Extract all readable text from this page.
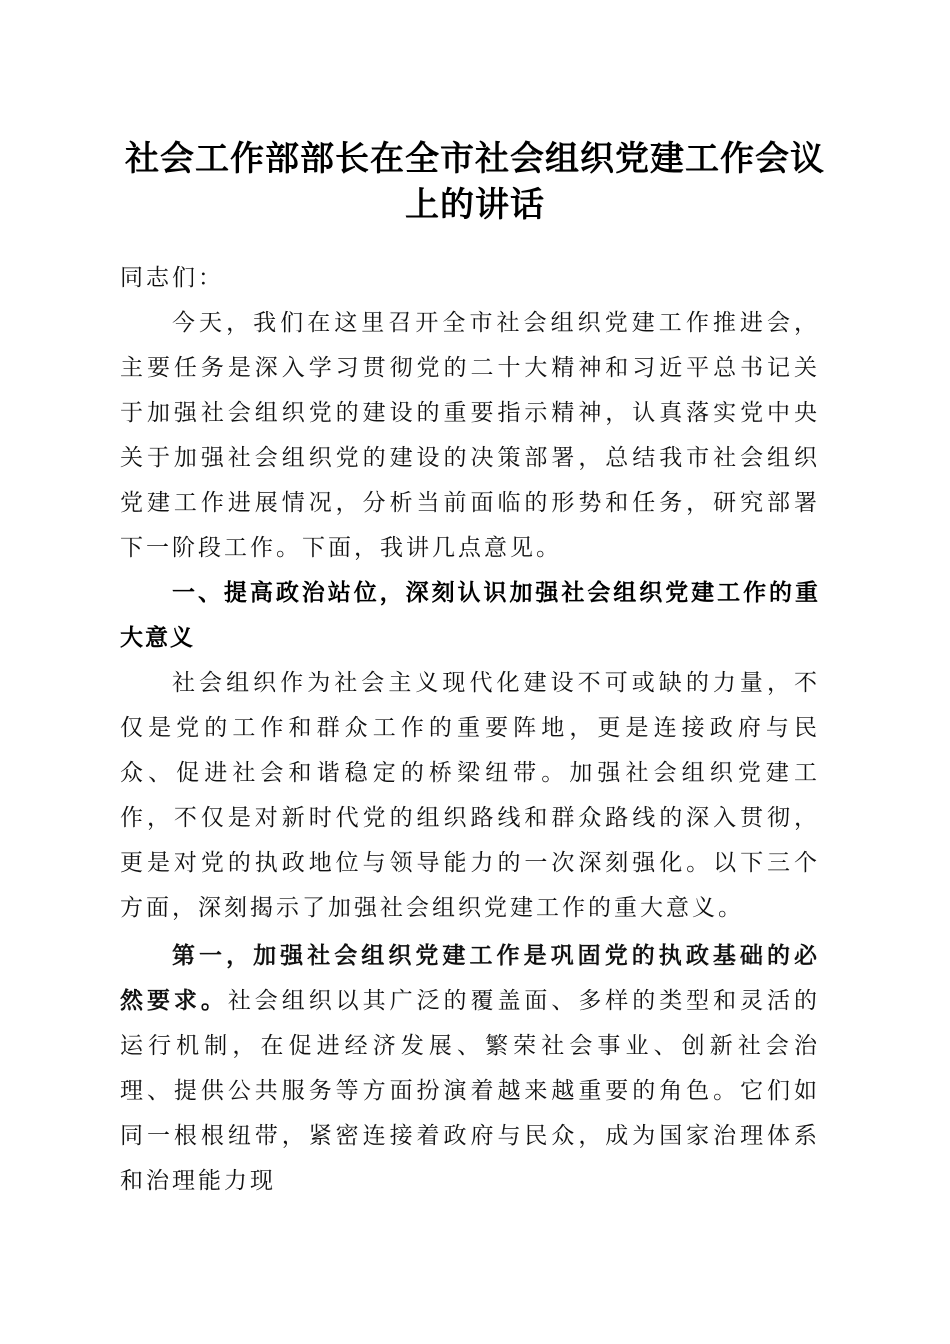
社会工作部部长在全市社会组织党建工作会议上的讲话

同志们：

今天，我们在这里召开全市社会组织党建工作推进会，主要任务是深入学习贯彻党的二十大精神和习近平总书记关于加强社会组织党的建设的重要指示精神，认真落实党中央关于加强社会组织党的建设的决策部署，总结我市社会组织党建工作进展情况，分析当前面临的形势和任务，研究部署下一阶段工作。下面，我讲几点意见。

一、提高政治站位，深刻认识加强社会组织党建工作的重大意义

社会组织作为社会主义现代化建设不可或缺的力量，不仅是党的工作和群众工作的重要阵地，更是连接政府与民众、促进社会和谐稳定的桥梁纽带。加强社会组织党建工作，不仅是对新时代党的组织路线和群众路线的深入贯彻，更是对党的执政地位与领导能力的一次深刻强化。以下三个方面，深刻揭示了加强社会组织党建工作的重大意义。

第一，加强社会组织党建工作是巩固党的执政基础的必然要求。社会组织以其广泛的覆盖面、多样的类型和灵活的运行机制，在促进经济发展、繁荣社会事业、创新社会治理、提供公共服务等方面扮演着越来越重要的角色。它们如同一根根纽带，紧密连接着政府与民众，成为国家治理体系和治理能力现
